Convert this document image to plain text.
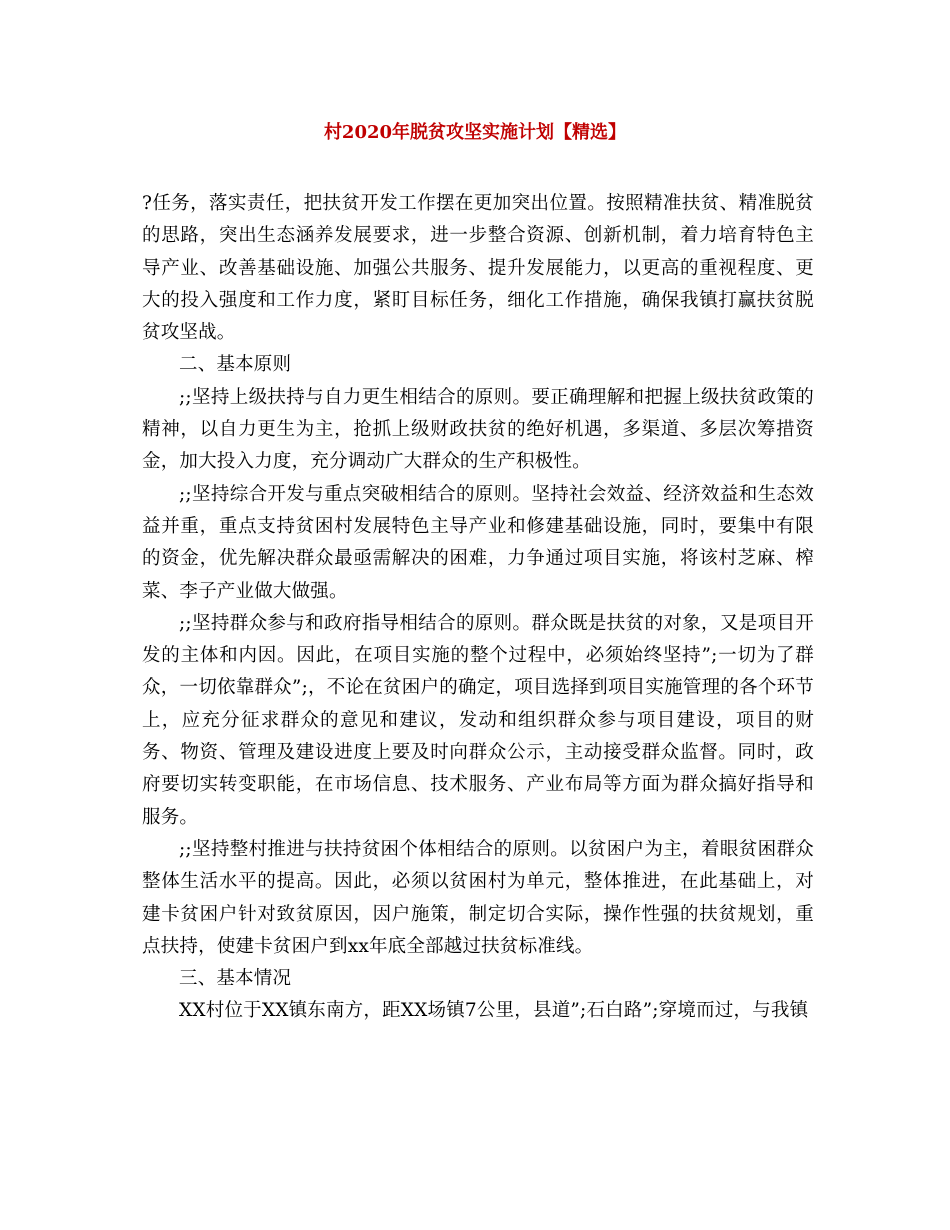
村2020年脱贫攻坚实施计划【精选】

?任务，落实责任，把扶贫开发工作摆在更加突出位置。按照精准扶贫、精准脱贫的思路，突出生态涵养发展要求，进一步整合资源、创新机制，着力培育特色主导产业、改善基础设施、加强公共服务、提升发展能力，以更高的重视程度、更大的投入强度和工作力度，紧盯目标任务，细化工作措施，确保我镇打赢扶贫脱贫攻坚战。

二、基本原则

;;坚持上级扶持与自力更生相结合的原则。要正确理解和把握上级扶贫政策的精神，以自力更生为主，抢抓上级财政扶贫的绝好机遇，多渠道、多层次筹措资金，加大投入力度，充分调动广大群众的生产积极性。

;;坚持综合开发与重点突破相结合的原则。坚持社会效益、经济效益和生态效益并重，重点支持贫困村发展特色主导产业和修建基础设施，同时，要集中有限的资金，优先解决群众最亟需解决的困难，力争通过项目实施，将该村芝麻、榨菜、李子产业做大做强。

;;坚持群众参与和政府指导相结合的原则。群众既是扶贫的对象，又是项目开发的主体和内因。因此，在项目实施的整个过程中，必须始终坚持”;一切为了群众，一切依靠群众”;，不论在贫困户的确定，项目选择到项目实施管理的各个环节上，应充分征求群众的意见和建议，发动和组织群众参与项目建设，项目的财务、物资、管理及建设进度上要及时向群众公示，主动接受群众监督。同时，政府要切实转变职能，在市场信息、技术服务、产业布局等方面为群众搞好指导和服务。

;;坚持整村推进与扶持贫困个体相结合的原则。以贫困户为主，着眼贫困群众整体生活水平的提高。因此，必须以贫困村为单元，整体推进，在此基础上，对建卡贫困户针对致贫原因，因户施策，制定切合实际，操作性强的扶贫规划，重点扶持，使建卡贫困户到xx年底全部越过扶贫标准线。

三、基本情况

XX村位于XX镇东南方，距XX场镇7公里，县道”;石白路”;穿境而过，与我镇
